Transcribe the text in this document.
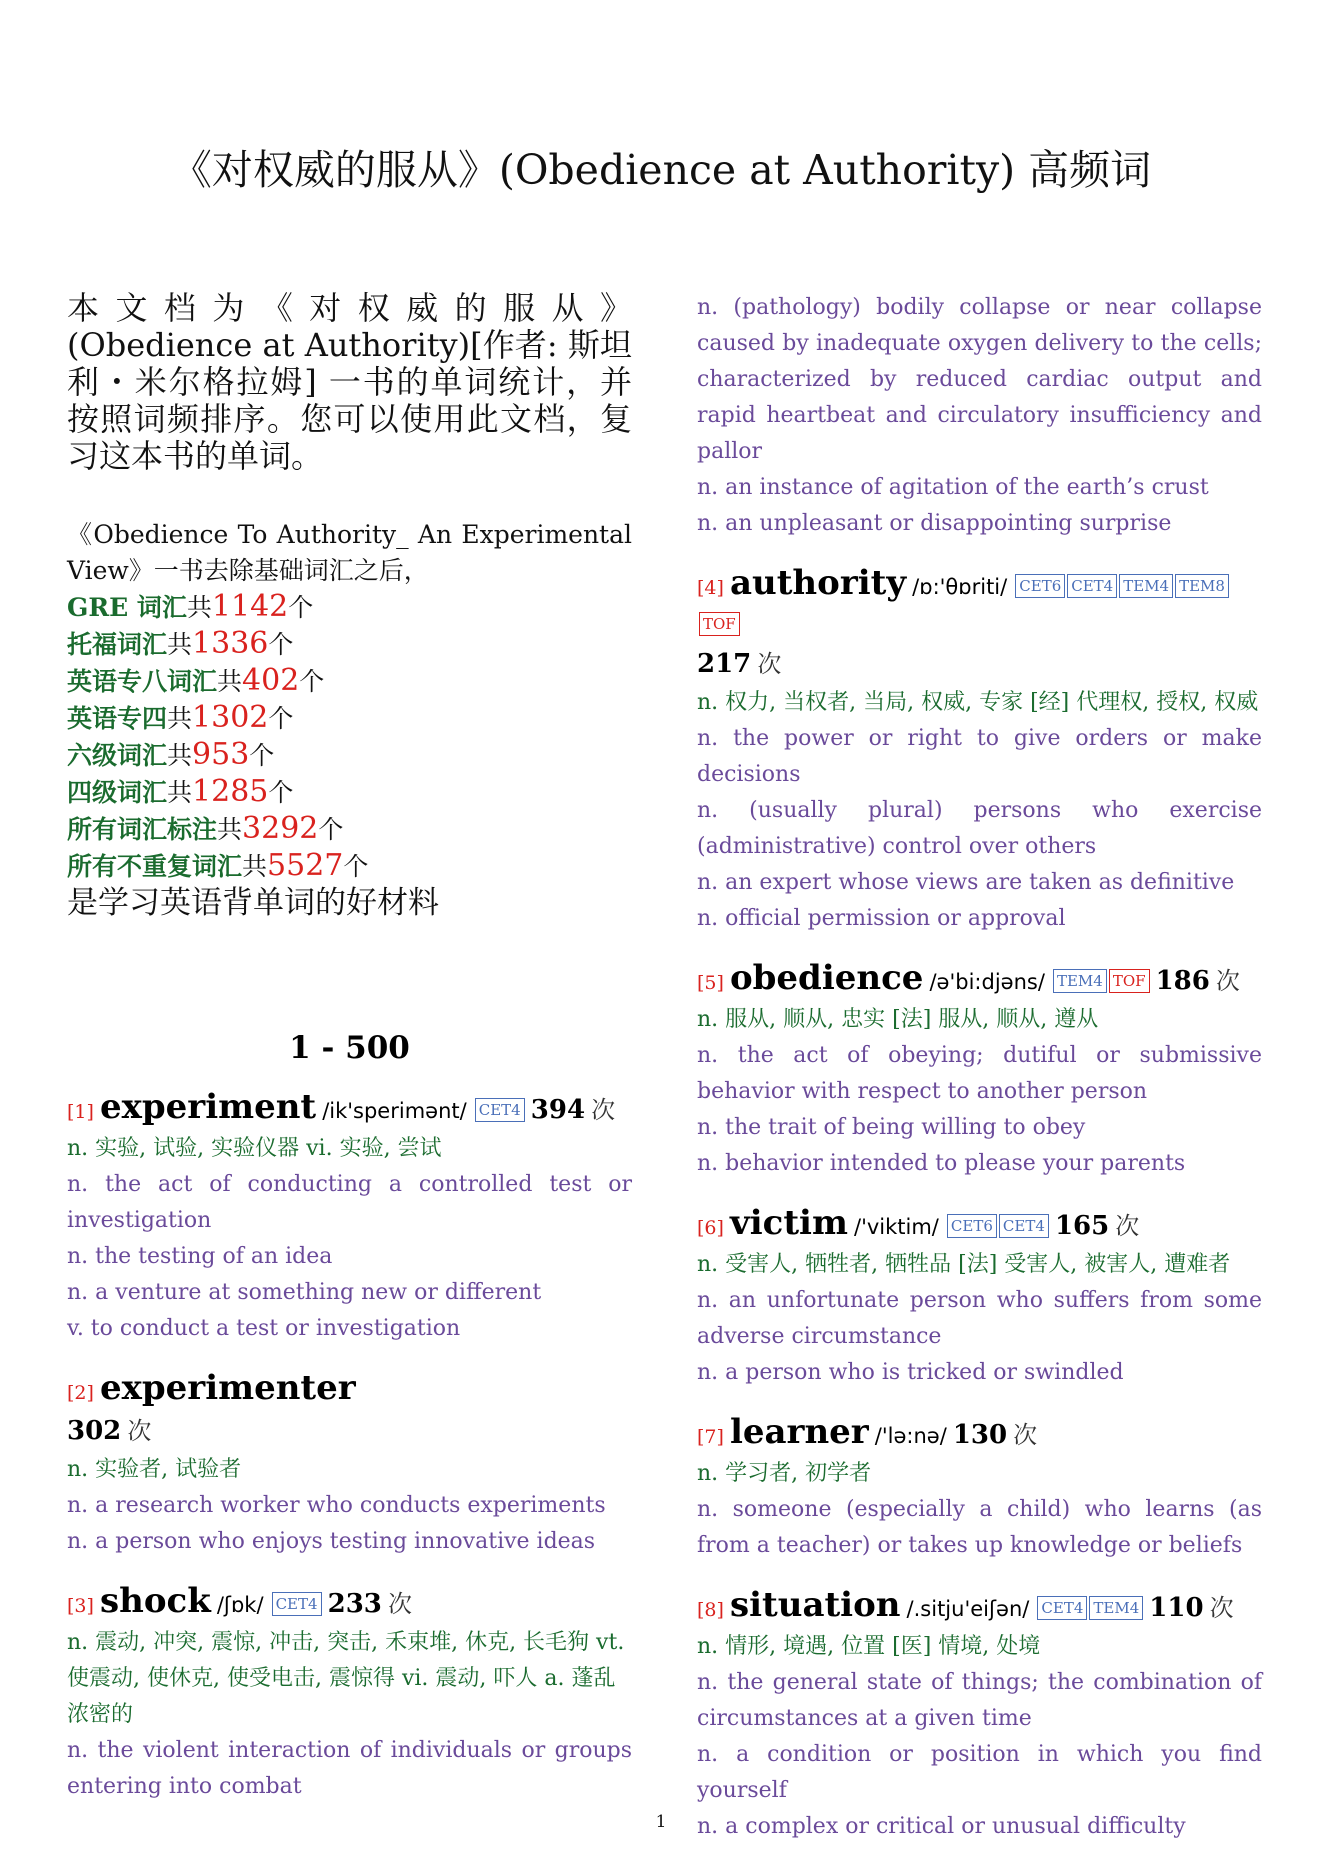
《对权威的服从》(Obedience at Authority) 高频词
本文档为《对权威的服从》(Obedience at Authority)[作者: 斯坦利・米尔格拉姆] 一书的单词统计，并按照词频排序。您可以使用此文档，复习这本书的单词。
《Obedience To Authority_ An Experimental View》一书去除基础词汇之后，
GRE 词汇共1142个
托福词汇共1336个
英语专八词汇共402个
英语专四共1302个
六级词汇共953个
四级词汇共1285个
所有词汇标注共3292个
所有不重复词汇共5527个
是学习英语背单词的好材料
1 - 500
[1] experiment /ik'sperimənt/ CET4 394 次
n. 实验, 试验, 实验仪器 vi. 实验, 尝试
n. the act of conducting a controlled test or investigation
n. the testing of an idea
n. a venture at something new or different
v. to conduct a test or investigation
[2] experimenter
302 次
n. 实验者, 试验者
n. a research worker who conducts experiments
n. a person who enjoys testing innovative ideas
[3] shock /ʃɒk/ CET4 233 次
n. 震动, 冲突, 震惊, 冲击, 突击, 禾束堆, 休克, 长毛狗 vt. 使震动, 使休克, 使受电击, 震惊得 vi. 震动, 吓人 a. 蓬乱浓密的
n. the violent interaction of individuals or groups entering into combat
n. (pathology) bodily collapse or near collapse caused by inadequate oxygen delivery to the cells; characterized by reduced cardiac output and rapid heartbeat and circulatory insufficiency and pallor
n. an instance of agitation of the earth’s crust
n. an unpleasant or disappointing surprise
[4] authority /ɒ:'θɒriti/ CET6 CET4 TEM4 TEM8TOF
217 次
n. 权力, 当权者, 当局, 权威, 专家 [经] 代理权, 授权, 权威
n. the power or right to give orders or make decisions
n. (usually plural) persons who exercise (administrative) control over others
n. an expert whose views are taken as definitive
n. official permission or approval
[5] obedience /ə'bi:djəns/ TEM4 TOF 186 次
n. 服从, 顺从, 忠实 [法] 服从, 顺从, 遵从
n. the act of obeying; dutiful or submissive behavior with respect to another person
n. the trait of being willing to obey
n. behavior intended to please your parents
[6] victim /'viktim/ CET6 CET4 165 次
n. 受害人, 牺牲者, 牺牲品 [法] 受害人, 被害人, 遭难者
n. an unfortunate person who suffers from some adverse circumstance
n. a person who is tricked or swindled
[7] learner /'lə:nə/ 130 次
n. 学习者, 初学者
n. someone (especially a child) who learns (as from a teacher) or takes up knowledge or beliefs
[8] situation /.sitju'eiʃən/ CET4 TEM4 110 次
n. 情形, 境遇, 位置 [医] 情境, 处境
n. the general state of things; the combination of circumstances at a given time
n. a condition or position in which you find yourself
n. a complex or critical or unusual difficulty
1
